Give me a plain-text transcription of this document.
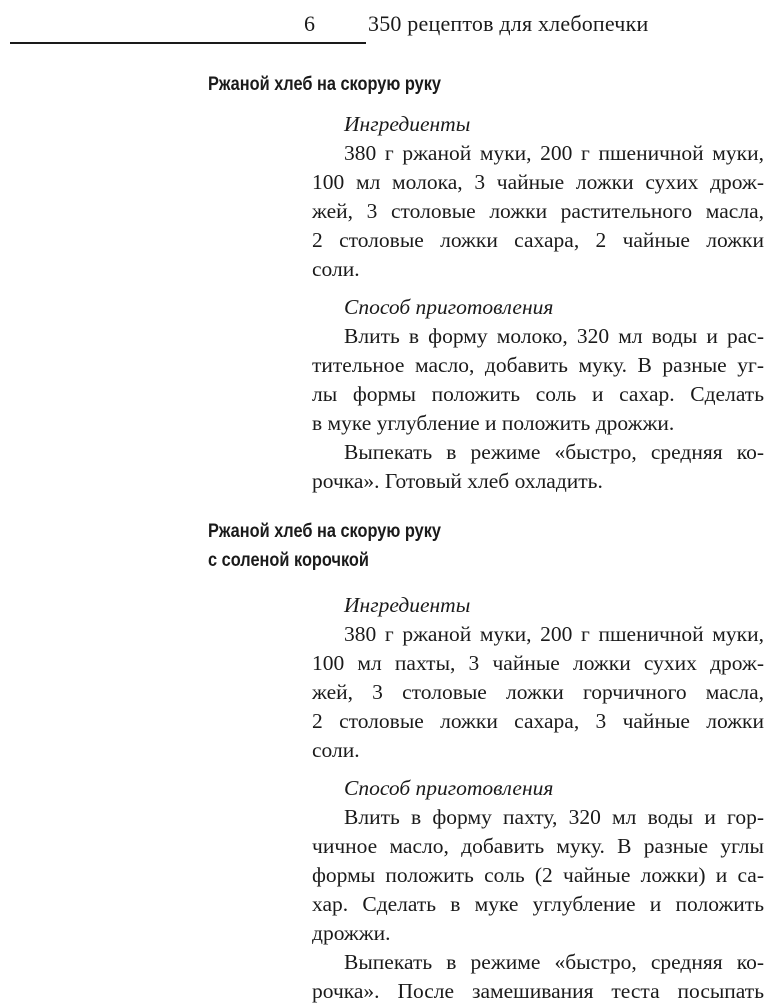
6 350 рецептов для хлебопечки
Ржаной хлеб на скорую руку
Ингредиенты
380 г ржаной муки, 200 г пшеничной муки,
100 мл молока, 3 чайные ложки сухих дрож-
жей, 3 столовые ложки растительного масла,
2 столовые ложки сахара, 2 чайные ложки
соли.
Способ приготовления
Влить в форму молоко, 320 мл воды и рас-
тительное масло, добавить муку. В разные уг-
лы формы положить соль и сахар. Сделать
в муке углубление и положить дрожжи.
Выпекать в режиме «быстро, средняя ко-
рочка». Готовый хлеб охладить.
Ржаной хлеб на скорую руку
с соленой корочкой
Ингредиенты
380 г ржаной муки, 200 г пшеничной муки,
100 мл пахты, 3 чайные ложки сухих дрож-
жей, 3 столовые ложки горчичного масла,
2 столовые ложки сахара, 3 чайные ложки
соли.
Способ приготовления
Влить в форму пахту, 320 мл воды и гор-
чичное масло, добавить муку. В разные углы
формы положить соль (2 чайные ложки) и са-
хар. Сделать в муке углубление и положить
дрожжи.
Выпекать в режиме «быстро, средняя ко-
рочка». После замешивания теста посыпать
